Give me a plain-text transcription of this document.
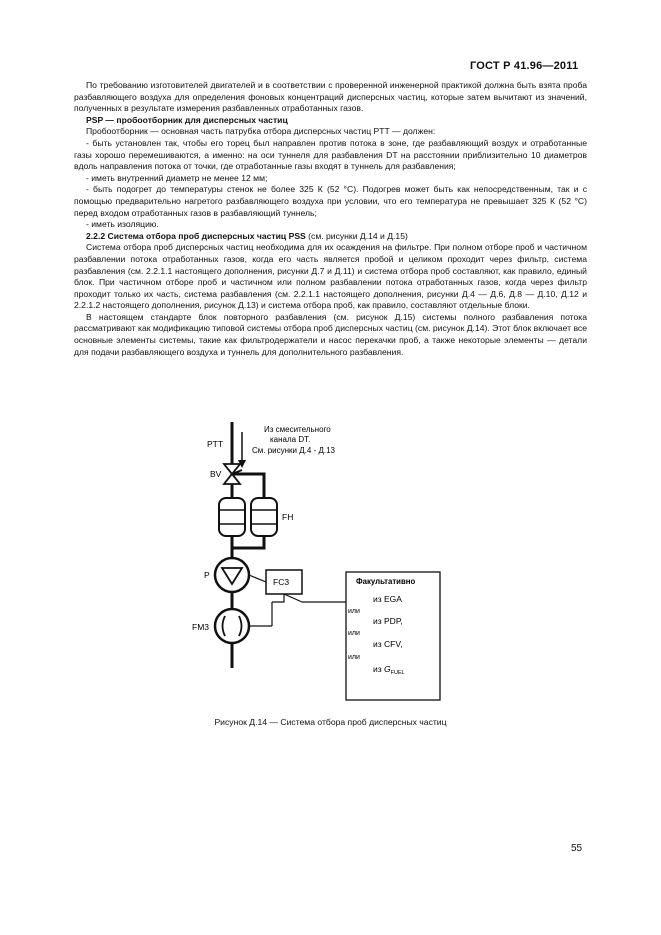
ГОСТ Р 41.96—2011

По требованию изготовителей двигателей и в соответствии с проверенной инженерной практикой должна быть взята проба разбавляющего воздуха для определения фоновых концентраций дисперсных частиц, которые затем вычитают из значений, полученных в результате измерения разбавленных отработанных газов.

PSP — пробоотборник для дисперсных частиц

Пробоотборник — основная часть патрубка отбора дисперсных частиц PTT — должен:

- быть установлен так, чтобы его торец был направлен против потока в зоне, где разбавляющий воздух и отработанные газы хорошо перемешиваются, а именно: на оси туннеля для разбавления DT на расстоянии приблизительно 10 диаметров вдоль направления потока от точки, где отработанные газы входят в туннель для разбавления;

- иметь внутренний диаметр не менее 12 мм;

- быть подогрет до температуры стенок не более 325 К (52 °С). Подогрев может быть как непосредственным, так и с помощью предварительно нагретого разбавляющего воздуха при условии, что его температура не превышает 325 К (52 °С) перед входом отработанных газов в разбавляющий туннель;

- иметь изоляцию.

2.2.2 Система отбора проб дисперсных частиц PSS (см. рисунки Д.14 и Д.15)

Система отбора проб дисперсных частиц необходима для их осаждения на фильтре. При полном отборе проб и частичном разбавлении потока отработанных газов, когда его часть является пробой и целиком проходит через фильтр, система разбавления (см. 2.2.1.1 настоящего дополнения, рисунки Д.7 и Д.11) и система отбора проб составляют, как правило, единый блок. При частичном отборе проб и частичном или полном разбавлении потока отработанных газов, когда через фильтр проходит только их часть, система разбавления (см. 2.2.1.1 настоящего дополнения, рисунки Д.4 — Д.6, Д.8 — Д.10, Д.12 и 2.2.1.2 настоящего дополнения, рисунок Д.13) и система отбора проб, как правило, составляют отдельные блоки.

В настоящем стандарте блок повторного разбавления (см. рисунок Д.15) системы полного разбавления потока рассматривают как модификацию типовой системы отбора проб дисперсных частиц (см. рисунок Д.14). Этот блок включает все основные элементы системы, такие как фильтродержатели и насос перекачки проб, а также некоторые элементы — детали для подачи разбавляющего воздуха и туннель для дополнительного разбавления.

Из смесительного
канала DT.
См. рисунки Д.4 - Д.13
PTT
BV
FH
P
FC3
FM3
Факультативно
из EGA
или
из PDP,
или
из CFV,
или
из $G_{FUEL}$
Рисунок Д.14 — Система отбора проб дисперсных частиц
55
